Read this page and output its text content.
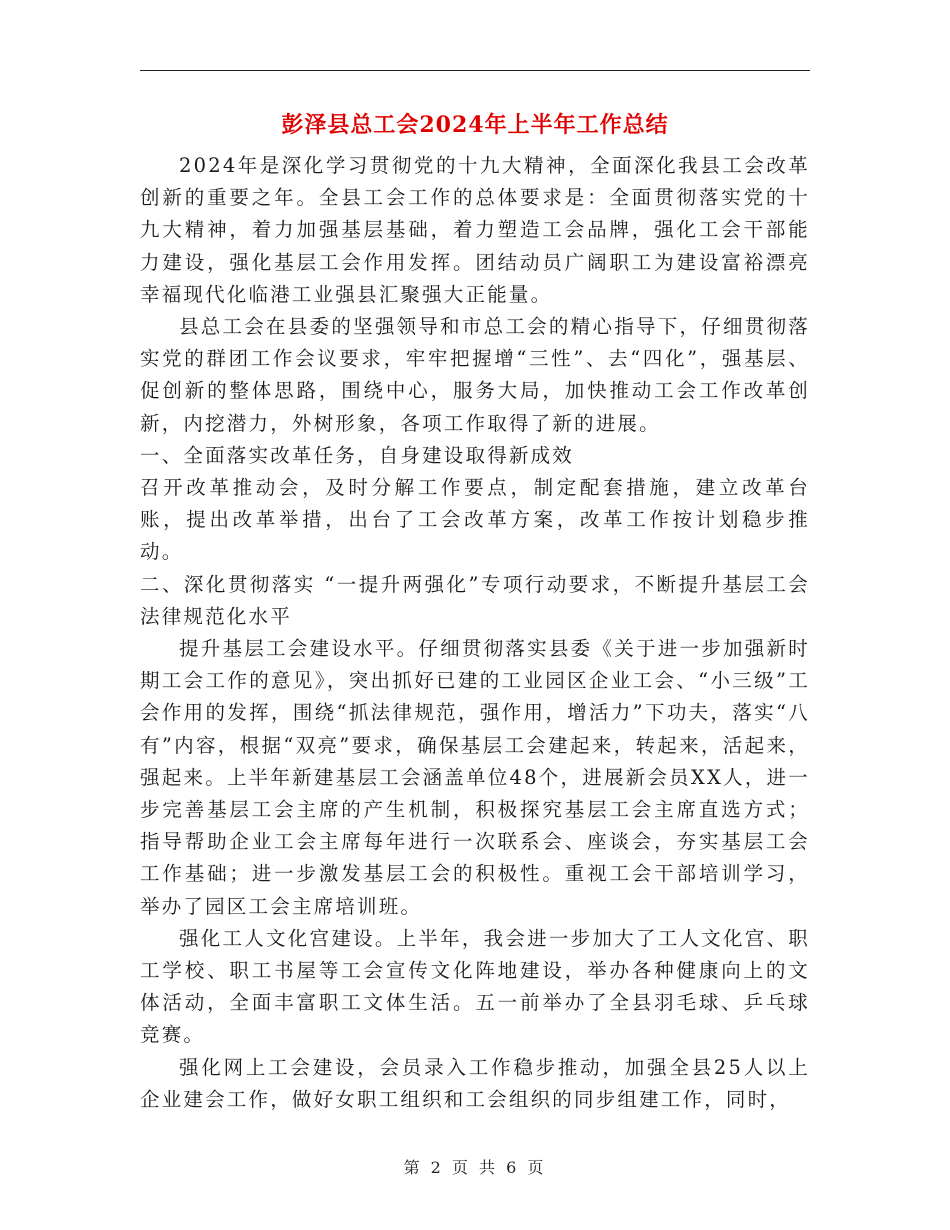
彭泽县总工会2024年上半年工作总结

2024年是深化学习贯彻党的十九大精神，全面深化我县工会改革创新的重要之年。全县工会工作的总体要求是：全面贯彻落实党的十九大精神，着力加强基层基础，着力塑造工会品牌，强化工会干部能力建设，强化基层工会作用发挥。团结动员广阔职工为建设富裕漂亮幸福现代化临港工业强县汇聚强大正能量。

县总工会在县委的坚强领导和市总工会的精心指导下，仔细贯彻落实党的群团工作会议要求，牢牢把握增“三性”、去“四化”，强基层、促创新的整体思路，围绕中心，服务大局，加快推动工会工作改革创新，内挖潜力，外树形象，各项工作取得了新的进展。

一、全面落实改革任务，自身建设取得新成效

召开改革推动会，及时分解工作要点，制定配套措施，建立改革台账，提出改革举措，出台了工会改革方案，改革工作按计划稳步推动。

二、深化贯彻落实 “一提升两强化”专项行动要求，不断提升基层工会法律规范化水平

提升基层工会建设水平。仔细贯彻落实县委《关于进一步加强新时期工会工作的意见》，突出抓好已建的工业园区企业工会、“小三级”工会作用的发挥，围绕“抓法律规范，强作用，增活力”下功夫，落实“八有”内容，根据“双亮”要求，确保基层工会建起来，转起来，活起来，强起来。上半年新建基层工会涵盖单位48个，进展新会员XX人，进一步完善基层工会主席的产生机制，积极探究基层工会主席直选方式；指导帮助企业工会主席每年进行一次联系会、座谈会，夯实基层工会工作基础；进一步激发基层工会的积极性。重视工会干部培训学习，举办了园区工会主席培训班。

强化工人文化宫建设。上半年，我会进一步加大了工人文化宫、职工学校、职工书屋等工会宣传文化阵地建设，举办各种健康向上的文体活动，全面丰富职工文体生活。五一前举办了全县羽毛球、乒乓球竞赛。

强化网上工会建设，会员录入工作稳步推动，加强全县25人以上企业建会工作，做好女职工组织和工会组织的同步组建工作，同时，

第 2 页 共 6 页
